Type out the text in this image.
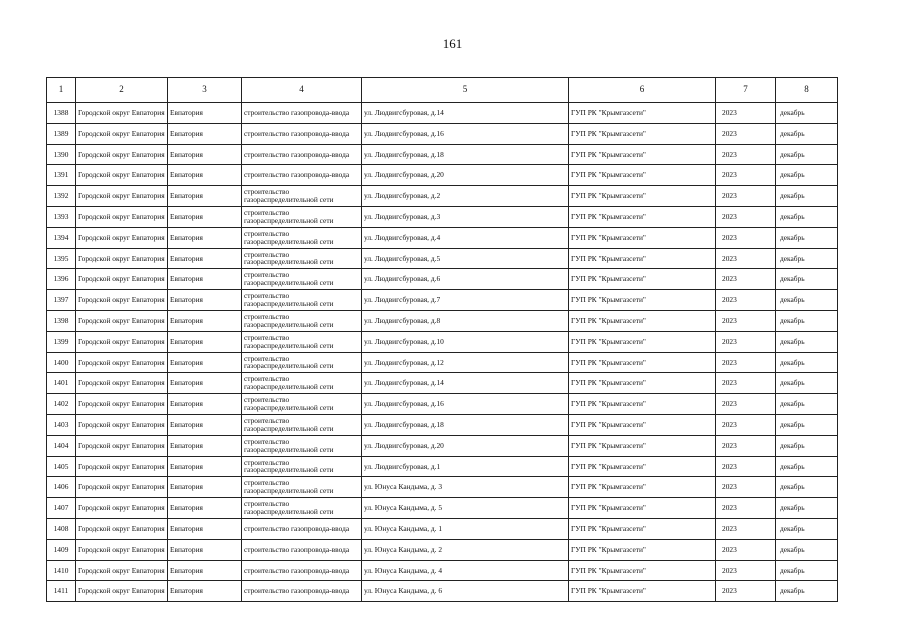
161
1	2	3	4	5	6	7	8
1388	Городской округ Евпатория	Евпатория	строительство газопровода-ввода	ул. Людвигсбуровая, д.14	ГУП РК "Крымгазсети"	2023	декабрь
1389	Городской округ Евпатория	Евпатория	строительство газопровода-ввода	ул. Людвигсбуровая, д.16	ГУП РК "Крымгазсети"	2023	декабрь
1390	Городской округ Евпатория	Евпатория	строительство газопровода-ввода	ул. Людвигсбуровая, д.18	ГУП РК "Крымгазсети"	2023	декабрь
1391	Городской округ Евпатория	Евпатория	строительство газопровода-ввода	ул. Людвигсбуровая, д.20	ГУП РК "Крымгазсети"	2023	декабрь
1392	Городской округ Евпатория	Евпатория	строительство газораспределительной сети	ул. Людвигсбуровая, д.2	ГУП РК "Крымгазсети"	2023	декабрь
1393	Городской округ Евпатория	Евпатория	строительство газораспределительной сети	ул. Людвигсбуровая, д.3	ГУП РК "Крымгазсети"	2023	декабрь
1394	Городской округ Евпатория	Евпатория	строительство газораспределительной сети	ул. Людвигсбуровая, д.4	ГУП РК "Крымгазсети"	2023	декабрь
1395	Городской округ Евпатория	Евпатория	строительство газораспределительной сети	ул. Людвигсбуровая, д.5	ГУП РК "Крымгазсети"	2023	декабрь
1396	Городской округ Евпатория	Евпатория	строительство газораспределительной сети	ул. Людвигсбуровая, д.6	ГУП РК "Крымгазсети"	2023	декабрь
1397	Городской округ Евпатория	Евпатория	строительство газораспределительной сети	ул. Людвигсбуровая, д.7	ГУП РК "Крымгазсети"	2023	декабрь
1398	Городской округ Евпатория	Евпатория	строительство газораспределительной сети	ул. Людвигсбуровая, д.8	ГУП РК "Крымгазсети"	2023	декабрь
1399	Городской округ Евпатория	Евпатория	строительство газораспределительной сети	ул. Людвигсбуровая, д.10	ГУП РК "Крымгазсети"	2023	декабрь
1400	Городской округ Евпатория	Евпатория	строительство газораспределительной сети	ул. Людвигсбуровая, д.12	ГУП РК "Крымгазсети"	2023	декабрь
1401	Городской округ Евпатория	Евпатория	строительство газораспределительной сети	ул. Людвигсбуровая, д.14	ГУП РК "Крымгазсети"	2023	декабрь
1402	Городской округ Евпатория	Евпатория	строительство газораспределительной сети	ул. Людвигсбуровая, д.16	ГУП РК "Крымгазсети"	2023	декабрь
1403	Городской округ Евпатория	Евпатория	строительство газораспределительной сети	ул. Людвигсбуровая, д.18	ГУП РК "Крымгазсети"	2023	декабрь
1404	Городской округ Евпатория	Евпатория	строительство газораспределительной сети	ул. Людвигсбуровая, д.20	ГУП РК "Крымгазсети"	2023	декабрь
1405	Городской округ Евпатория	Евпатория	строительство газораспределительной сети	ул. Людвигсбуровая, д.1	ГУП РК "Крымгазсети"	2023	декабрь
1406	Городской округ Евпатория	Евпатория	строительство газораспределительной сети	ул. Юнуса Кандыма, д. 3	ГУП РК "Крымгазсети"	2023	декабрь
1407	Городской округ Евпатория	Евпатория	строительство газораспределительной сети	ул. Юнуса Кандыма, д. 5	ГУП РК "Крымгазсети"	2023	декабрь
1408	Городской округ Евпатория	Евпатория	строительство газопровода-ввода	ул. Юнуса Кандыма, д. 1	ГУП РК "Крымгазсети"	2023	декабрь
1409	Городской округ Евпатория	Евпатория	строительство газопровода-ввода	ул. Юнуса Кандыма, д. 2	ГУП РК "Крымгазсети"	2023	декабрь
1410	Городской округ Евпатория	Евпатория	строительство газопровода-ввода	ул. Юнуса Кандыма, д. 4	ГУП РК "Крымгазсети"	2023	декабрь
1411	Городской округ Евпатория	Евпатория	строительство газопровода-ввода	ул. Юнуса Кандыма, д. 6	ГУП РК "Крымгазсети"	2023	декабрь
